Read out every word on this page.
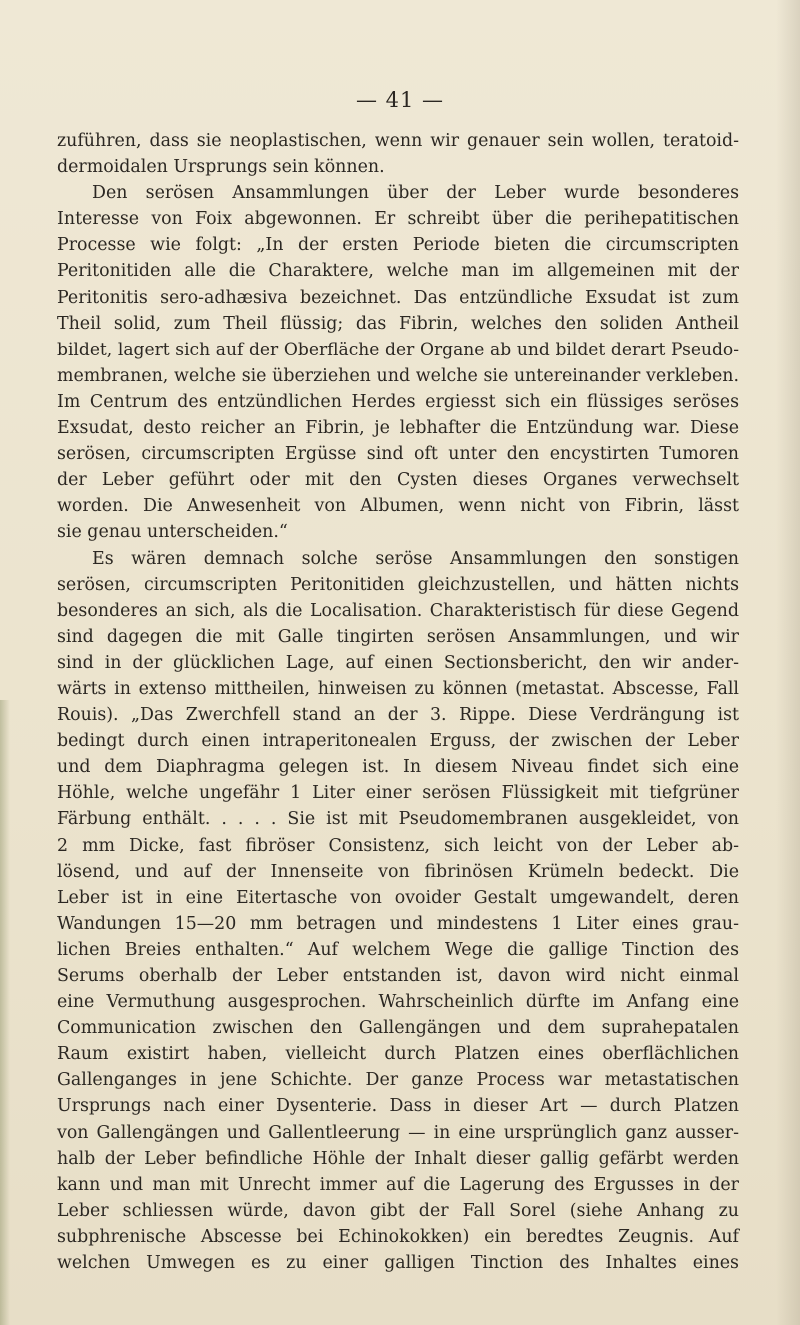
— 41 —
zuführen, dass sie neoplastischen, wenn wir genauer sein wollen, teratoid-
dermoidalen Ursprungs sein können.
Den serösen Ansammlungen über der Leber wurde besonderes
Interesse von Foix abgewonnen. Er schreibt über die perihepatitischen
Processe wie folgt: „In der ersten Periode bieten die circumscripten
Peritonitiden alle die Charaktere, welche man im allgemeinen mit der
Peritonitis sero-adhæsiva bezeichnet. Das entzündliche Exsudat ist zum
Theil solid, zum Theil flüssig; das Fibrin, welches den soliden Antheil
bildet, lagert sich auf der Oberfläche der Organe ab und bildet derart Pseudo-
membranen, welche sie überziehen und welche sie untereinander verkleben.
Im Centrum des entzündlichen Herdes ergiesst sich ein flüssiges seröses
Exsudat, desto reicher an Fibrin, je lebhafter die Entzündung war. Diese
serösen, circumscripten Ergüsse sind oft unter den encystirten Tumoren
der Leber geführt oder mit den Cysten dieses Organes verwechselt
worden. Die Anwesenheit von Albumen, wenn nicht von Fibrin, lässt
sie genau unterscheiden.“
Es wären demnach solche seröse Ansammlungen den sonstigen
serösen, circumscripten Peritonitiden gleichzustellen, und hätten nichts
besonderes an sich, als die Localisation. Charakteristisch für diese Gegend
sind dagegen die mit Galle tingirten serösen Ansammlungen, und wir
sind in der glücklichen Lage, auf einen Sectionsbericht, den wir ander-
wärts in extenso mittheilen, hinweisen zu können (metastat. Abscesse, Fall
Rouis). „Das Zwerchfell stand an der 3. Rippe. Diese Verdrängung ist
bedingt durch einen intraperitonealen Erguss, der zwischen der Leber
und dem Diaphragma gelegen ist. In diesem Niveau findet sich eine
Höhle, welche ungefähr 1 Liter einer serösen Flüssigkeit mit tiefgrüner
Färbung enthält. . . . . Sie ist mit Pseudomembranen ausgekleidet, von
2 mm Dicke, fast fibröser Consistenz, sich leicht von der Leber ab-
lösend, und auf der Innenseite von fibrinösen Krümeln bedeckt. Die
Leber ist in eine Eitertasche von ovoider Gestalt umgewandelt, deren
Wandungen 15—20 mm betragen und mindestens 1 Liter eines grau-
lichen Breies enthalten.“ Auf welchem Wege die gallige Tinction des
Serums oberhalb der Leber entstanden ist, davon wird nicht einmal
eine Vermuthung ausgesprochen. Wahrscheinlich dürfte im Anfang eine
Communication zwischen den Gallengängen und dem suprahepatalen
Raum existirt haben, vielleicht durch Platzen eines oberflächlichen
Gallenganges in jene Schichte. Der ganze Process war metastatischen
Ursprungs nach einer Dysenterie. Dass in dieser Art — durch Platzen
von Gallengängen und Gallentleerung — in eine ursprünglich ganz ausser-
halb der Leber befindliche Höhle der Inhalt dieser gallig gefärbt werden
kann und man mit Unrecht immer auf die Lagerung des Ergusses in der
Leber schliessen würde, davon gibt der Fall Sorel (siehe Anhang zu
subphrenische Abscesse bei Echinokokken) ein beredtes Zeugnis. Auf
welchen Umwegen es zu einer galligen Tinction des Inhaltes eines
